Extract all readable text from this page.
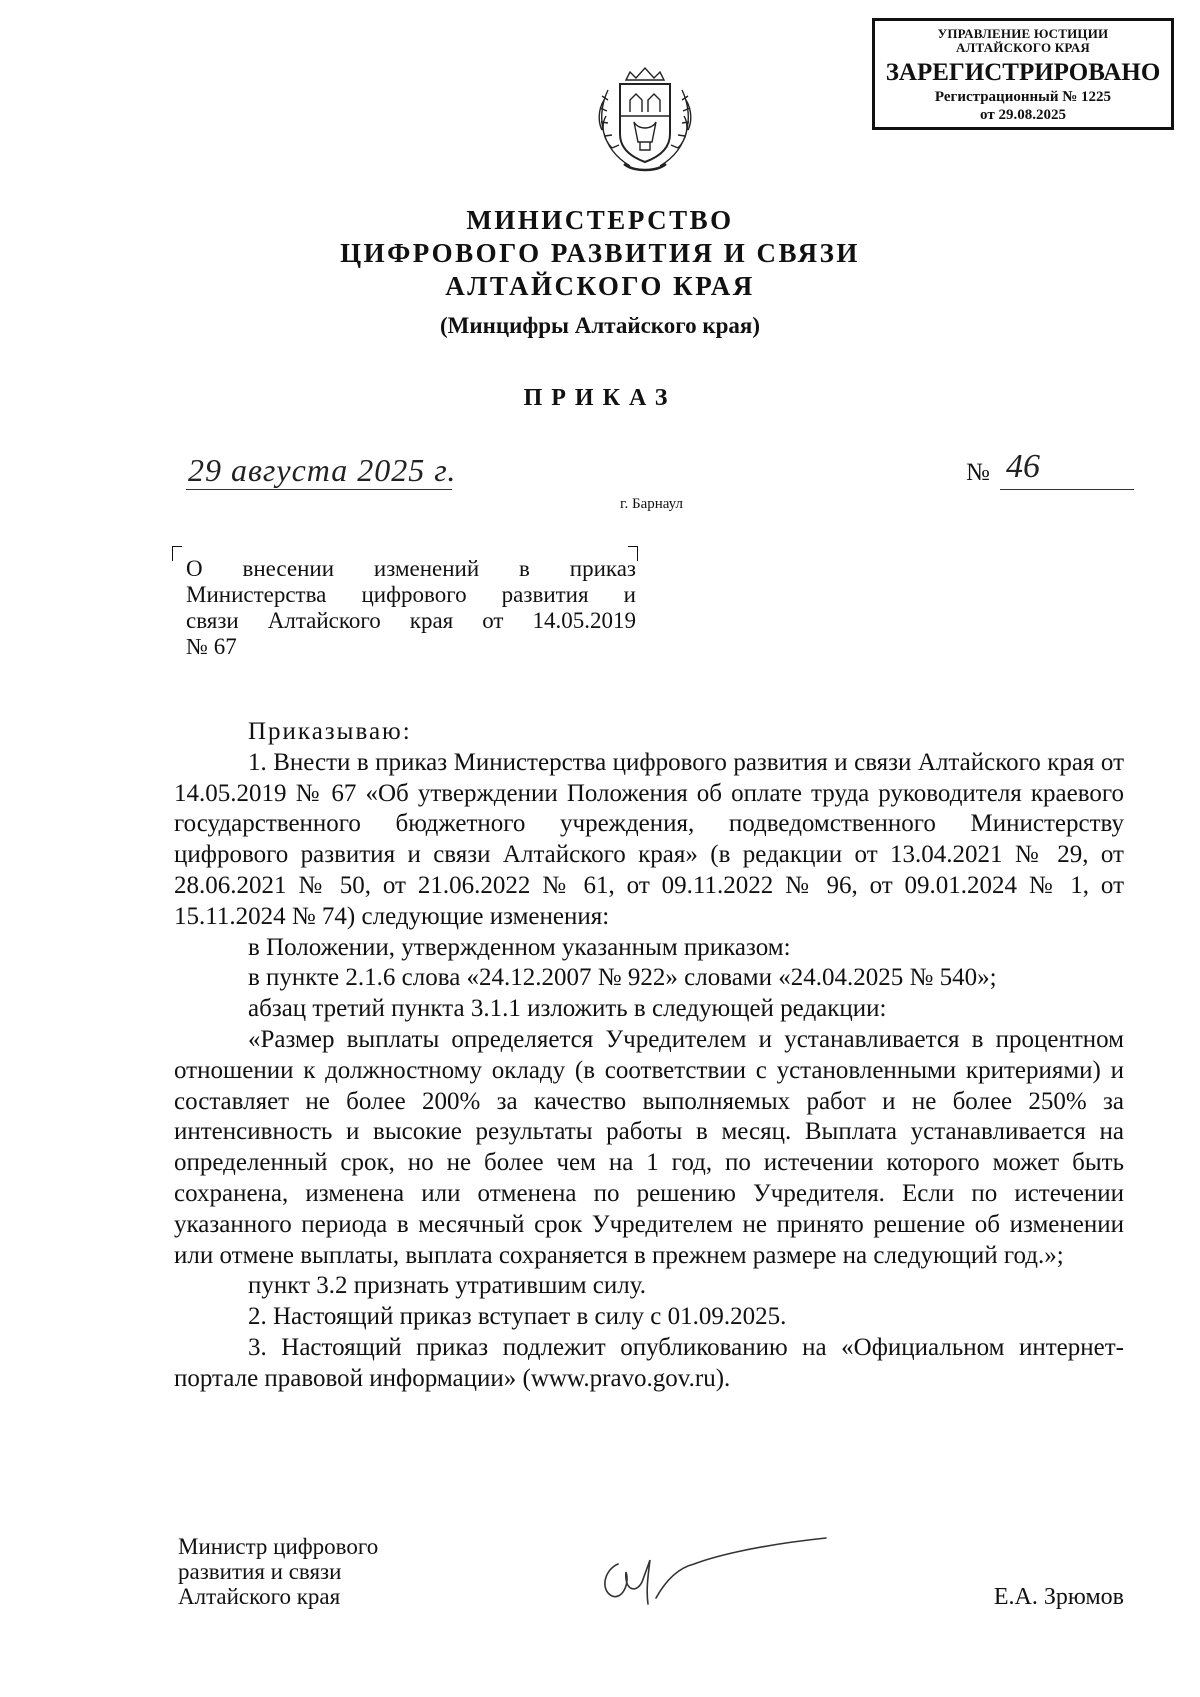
УПРАВЛЕНИЕ ЮСТИЦИИ
АЛТАЙСКОГО КРАЯ
ЗАРЕГИСТРИРОВАНО
Регистрационный № 1225
от 29.08.2025
МИНИСТЕРСТВО
ЦИФРОВОГО РАЗВИТИЯ И СВЯЗИ
АЛТАЙСКОГО КРАЯ
(Минцифры Алтайского края)
ПРИКАЗ
29 августа 2025 г.	№ 46
г. Барнаул
О внесении изменений в приказ
Министерства цифрового развития и
связи Алтайского края от 14.05.2019
№ 67

Приказываю:

1. Внести в приказ Министерства цифрового развития и связи Алтайского края от 14.05.2019 № 67 «Об утверждении Положения об оплате труда руководителя краевого государственного бюджетного учреждения, подведомственного Министерству цифрового развития и связи Алтайского края» (в редакции от 13.04.2021 № 29, от 28.06.2021 № 50, от 21.06.2022 № 61, от 09.11.2022 № 96, от 09.01.2024 № 1, от 15.11.2024 № 74) следующие изменения:

в Положении, утвержденном указанным приказом:

в пункте 2.1.6 слова «24.12.2007 № 922» словами «24.04.2025 № 540»;

абзац третий пункта 3.1.1 изложить в следующей редакции:

«Размер выплаты определяется Учредителем и устанавливается в процентном отношении к должностному окладу (в соответствии с установленными критериями) и составляет не более 200% за качество выполняемых работ и не более 250% за интенсивность и высокие результаты работы в месяц. Выплата устанавливается на определенный срок, но не более чем на 1 год, по истечении которого может быть сохранена, изменена или отменена по решению Учредителя. Если по истечении указанного периода в месячный срок Учредителем не принято решение об изменении или отмене выплаты, выплата сохраняется в прежнем размере на следующий год.»;

пункт 3.2 признать утратившим силу.

2. Настоящий приказ вступает в силу с 01.09.2025.

3. Настоящий приказ подлежит опубликованию на «Официальном интернет-портале правовой информации» (www.pravo.gov.ru).

Министр цифрового
развития и связи
Алтайского края	Е.А. Зрюмов
